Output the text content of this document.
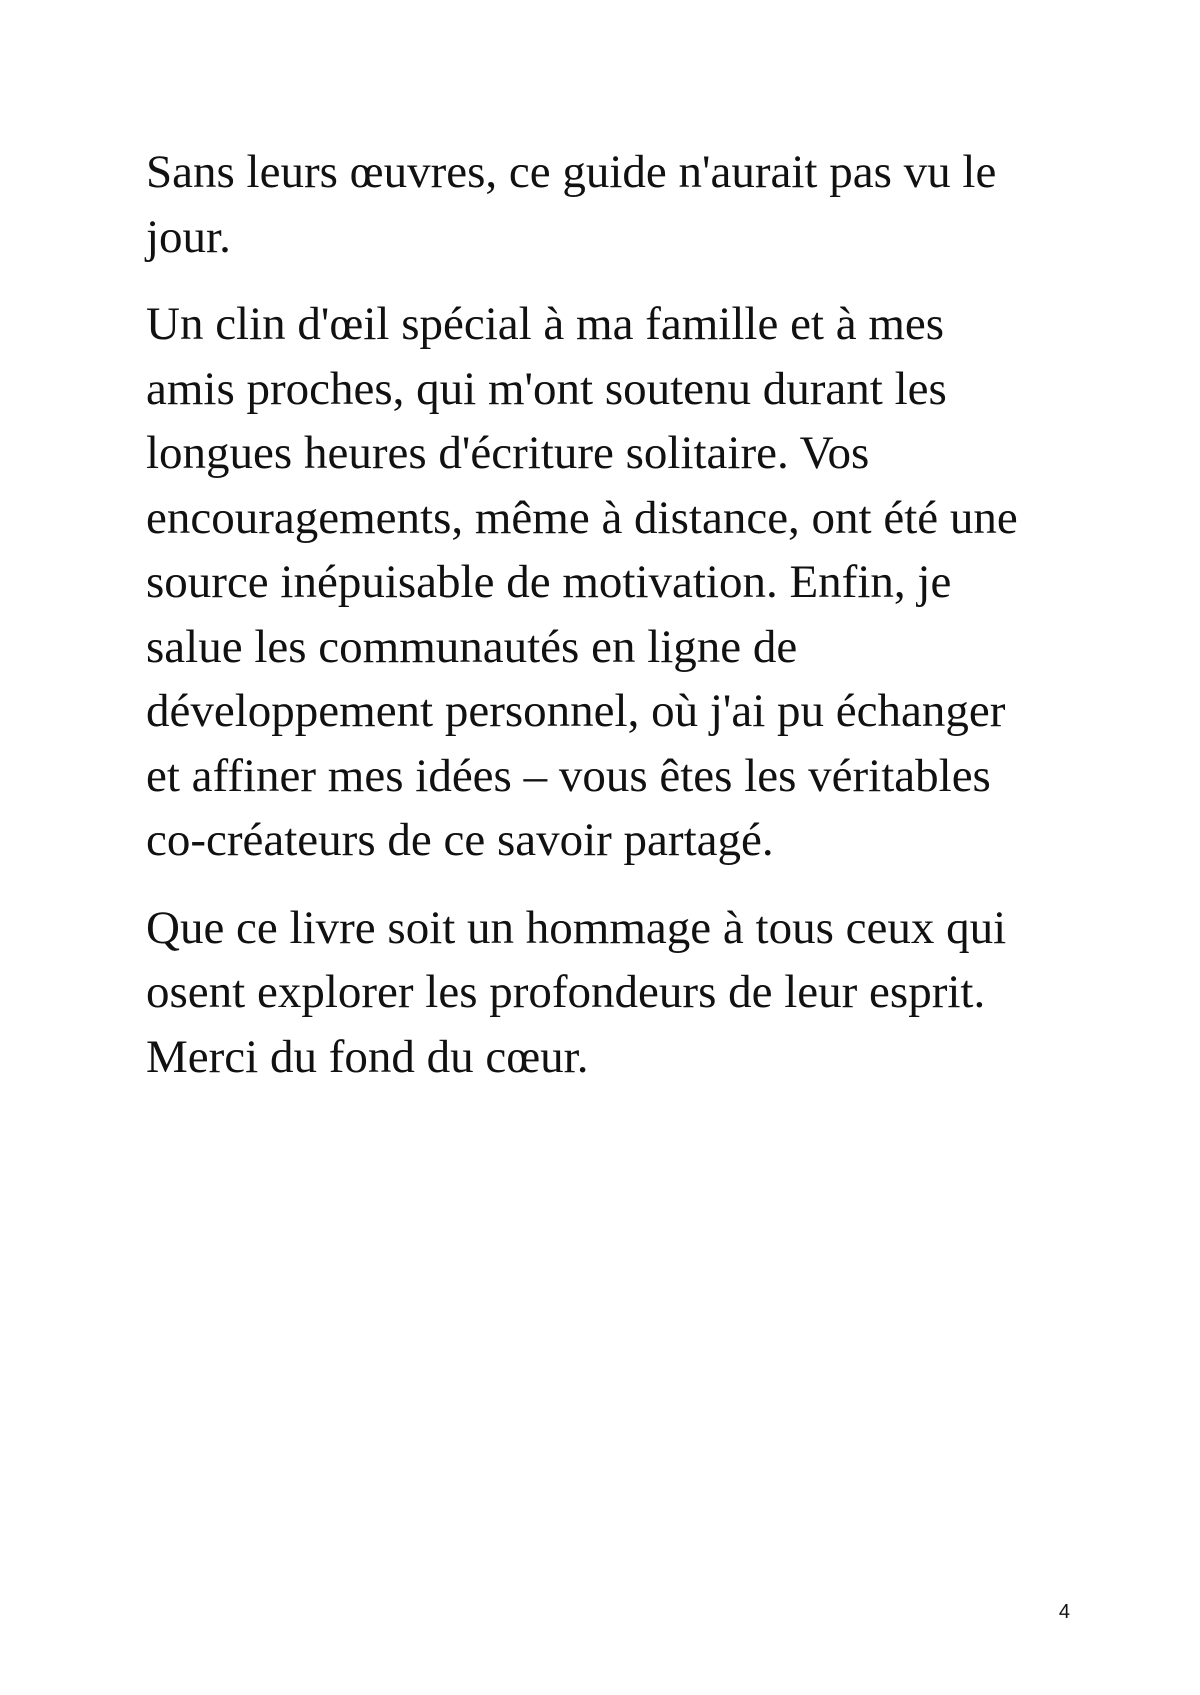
Sans leurs œuvres, ce guide n'aurait pas vu le
jour.

Un clin d'œil spécial à ma famille et à mes
amis proches, qui m'ont soutenu durant les
longues heures d'écriture solitaire. Vos
encouragements, même à distance, ont été une
source inépuisable de motivation. Enfin, je
salue les communautés en ligne de
développement personnel, où j'ai pu échanger
et affiner mes idées – vous êtes les véritables
co-créateurs de ce savoir partagé.

Que ce livre soit un hommage à tous ceux qui
osent explorer les profondeurs de leur esprit.
Merci du fond du cœur.

4
